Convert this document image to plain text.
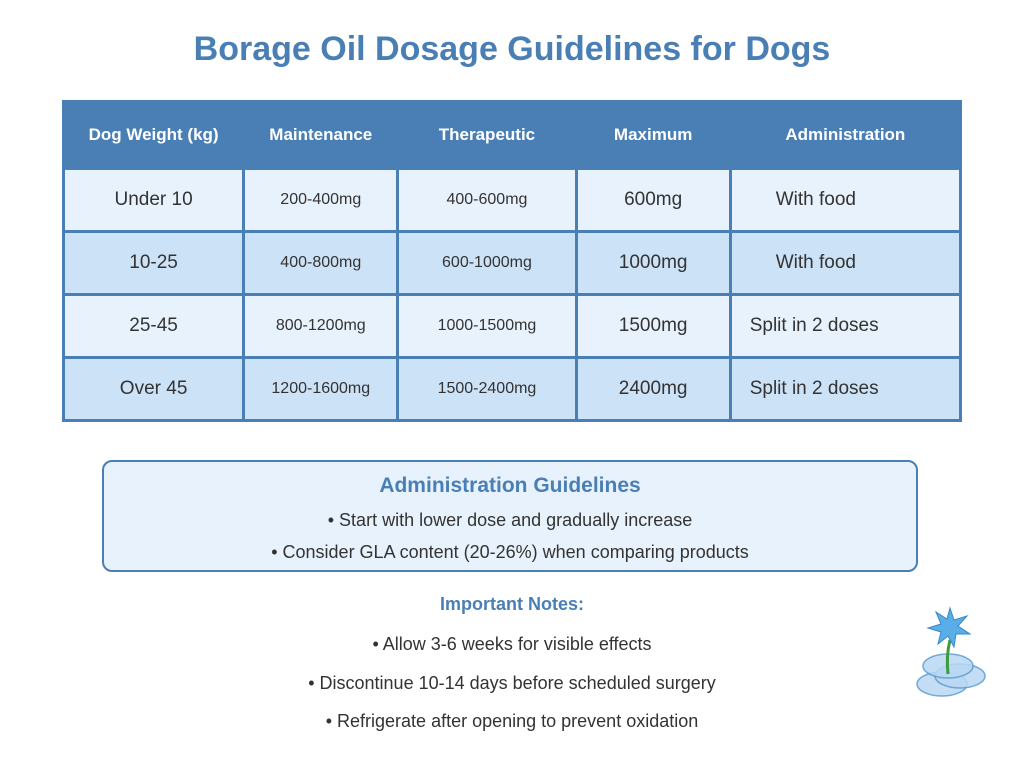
Borage Oil Dosage Guidelines for Dogs
Dog Weight (kg)	Maintenance	Therapeutic	Maximum	Administration
Under 10	200-400mg	400-600mg	600mg	With food
10-25	400-800mg	600-1000mg	1000mg	With food
25-45	800-1200mg	1000-1500mg	1500mg	Split in 2 doses
Over 45	1200-1600mg	1500-2400mg	2400mg	Split in 2 doses
Administration Guidelines
• Start with lower dose and gradually increase
• Consider GLA content (20-26%) when comparing products
Important Notes:
• Allow 3-6 weeks for visible effects
• Discontinue 10-14 days before scheduled surgery
• Refrigerate after opening to prevent oxidation
